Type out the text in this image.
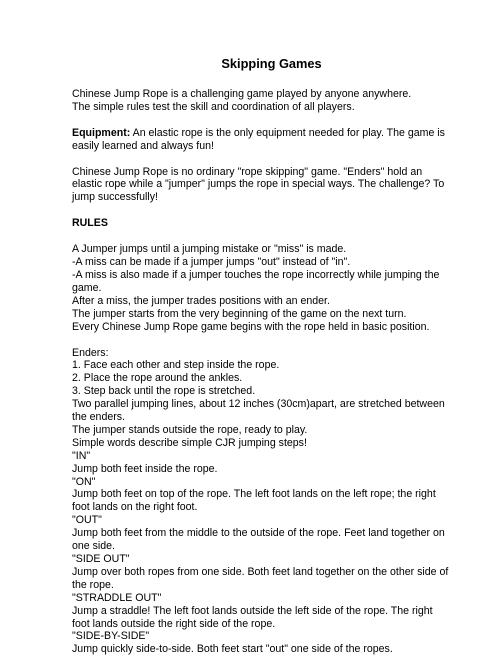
Skipping Games
Chinese Jump Rope is a challenging game played by anyone anywhere.
The simple rules test the skill and coordination of all players.
Equipment: An elastic rope is the only equipment needed for play. The game is
easily learned and always fun!
Chinese Jump Rope is no ordinary "rope skipping" game. "Enders" hold an
elastic rope while a "jumper" jumps the rope in special ways. The challenge? To
jump successfully!
RULES
A Jumper jumps until a jumping mistake or "miss" is made.
-A miss can be made if a jumper jumps "out" instead of "in".
-A miss is also made if a jumper touches the rope incorrectly while jumping the
game.
After a miss, the jumper trades positions with an ender.
The jumper starts from the very beginning of the game on the next turn.
Every Chinese Jump Rope game begins with the rope held in basic position.
Enders:
1. Face each other and step inside the rope.
2. Place the rope around the ankles.
3. Step back until the rope is stretched.
Two parallel jumping lines, about 12 inches (30cm)apart, are stretched between
the enders.
The jumper stands outside the rope, ready to play.
Simple words describe simple CJR jumping steps!
"IN"
Jump both feet inside the rope.
"ON"
Jump both feet on top of the rope. The left foot lands on the left rope; the right
foot lands on the right foot.
"OUT"
Jump both feet from the middle to the outside of the rope. Feet land together on
one side.
"SIDE OUT"
Jump over both ropes from one side. Both feet land together on the other side of
the rope.
"STRADDLE OUT"
Jump a straddle! The left foot lands outside the left side of the rope. The right
foot lands outside the right side of the rope.
"SIDE-BY-SIDE"
Jump quickly side-to-side. Both feet start "out" one side of the ropes.
